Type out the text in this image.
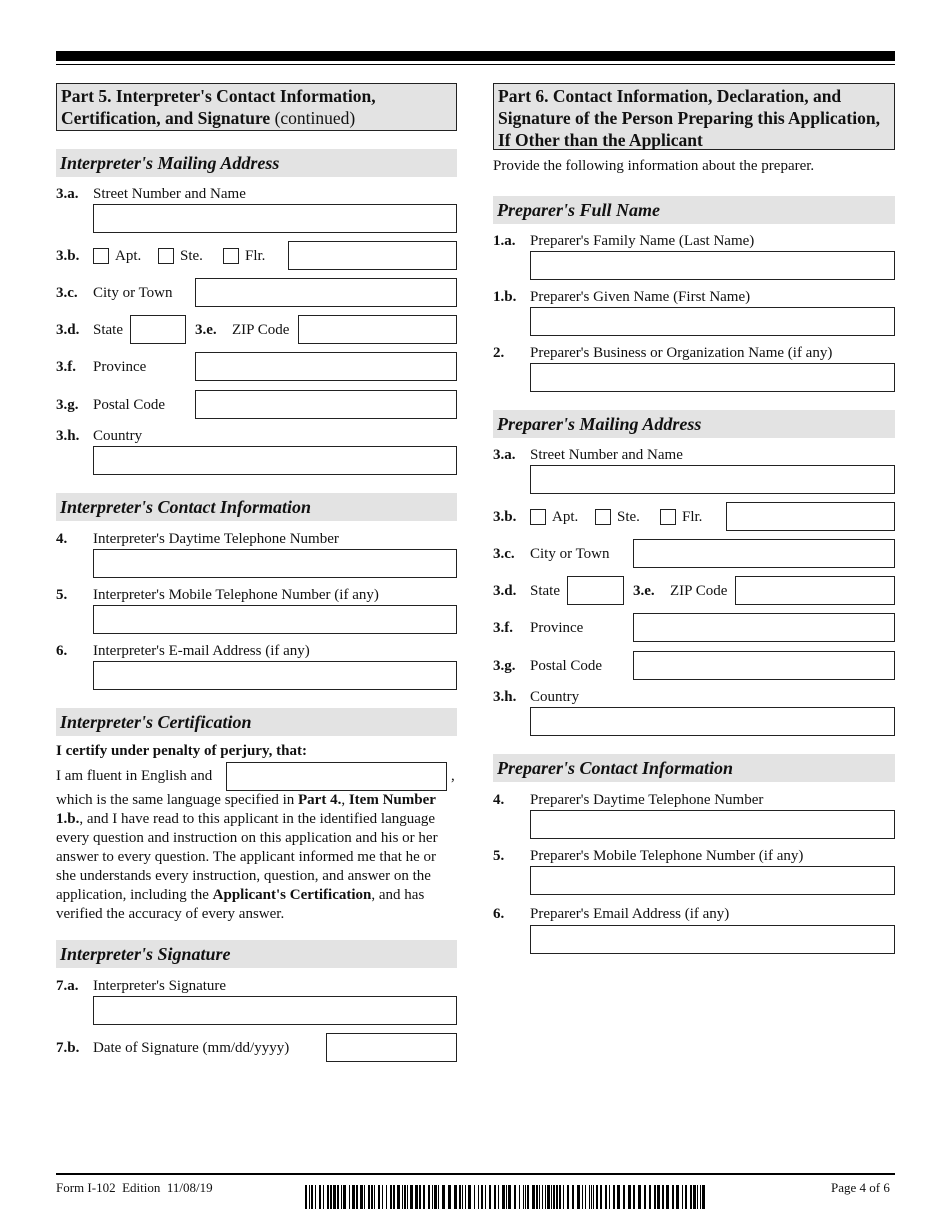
Part 5. Interpreter's Contact Information, Certification, and Signature (continued)
Interpreter's Mailing Address
3.a. Street Number and Name
3.b. Apt.	Ste.	Flr.
3.c. City or Town
3.d. State	3.e. ZIP Code
3.f. Province
3.g. Postal Code
3.h. Country
Interpreter's Contact Information
4. Interpreter's Daytime Telephone Number
5. Interpreter's Mobile Telephone Number (if any)
6. Interpreter's E-mail Address (if any)
Interpreter's Certification
I certify under penalty of perjury, that:
I am fluent in English and	,
which is the same language specified in Part 4., Item Number 1.b., and I have read to this applicant in the identified language every question and instruction on this application and his or her answer to every question. The applicant informed me that he or she understands every instruction, question, and answer on the application, including the Applicant's Certification, and has verified the accuracy of every answer.
Interpreter's Signature
7.a. Interpreter's Signature
7.b. Date of Signature (mm/dd/yyyy)
Part 6. Contact Information, Declaration, and Signature of the Person Preparing this Application, If Other than the Applicant
Provide the following information about the preparer.
Preparer's Full Name
1.a. Preparer's Family Name (Last Name)
1.b. Preparer's Given Name (First Name)
2. Preparer's Business or Organization Name (if any)
Preparer's Mailing Address
3.a. Street Number and Name
3.b. Apt.	Ste.	Flr.
3.c. City or Town
3.d. State	3.e. ZIP Code
3.f. Province
3.g. Postal Code
3.h. Country
Preparer's Contact Information
4. Preparer's Daytime Telephone Number
5. Preparer's Mobile Telephone Number (if any)
6. Preparer's Email Address (if any)
Form I-102  Edition  11/08/19	Page 4 of 6
